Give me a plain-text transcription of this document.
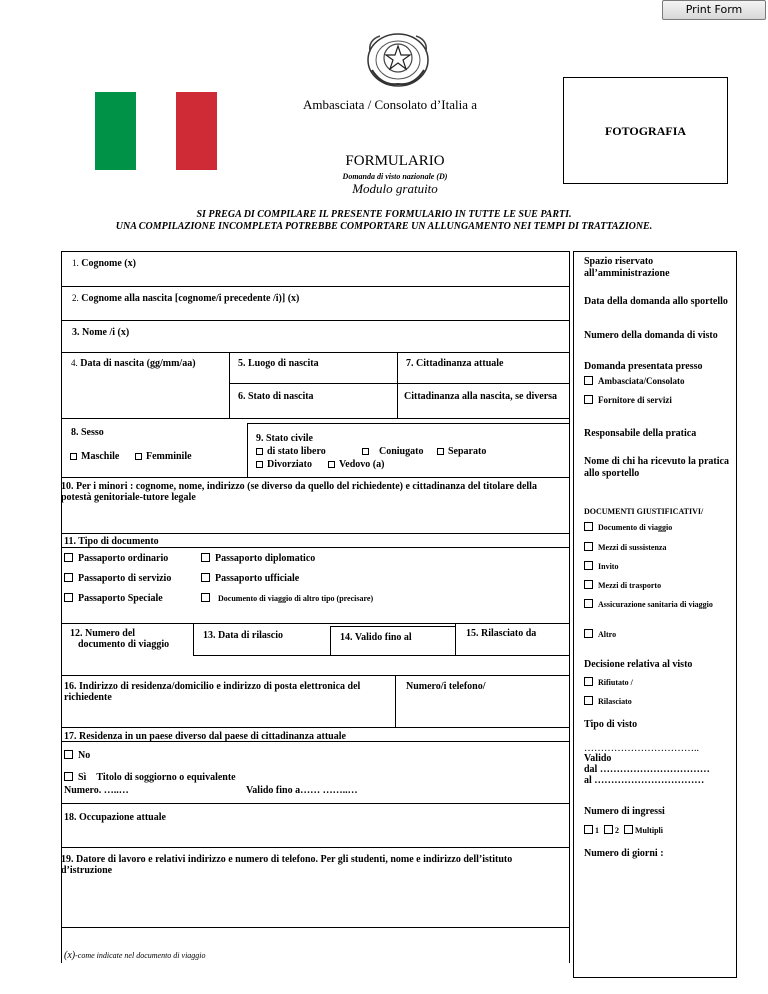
Print Form
Ambasciata / Consolato d’Italia a
FOTOGRAFIA
FORMULARIO
Domanda di visto nazionale (D)
Modulo gratuito
SI PREGA DI COMPILARE IL PRESENTE FORMULARIO IN TUTTE LE SUE PARTI.
UNA COMPILAZIONE INCOMPLETA POTREBBE COMPORTARE UN ALLUNGAMENTO NEI TEMPI DI TRATTAZIONE.
1. Cognome (x)
2. Cognome alla nascita [cognome/i precedente /i)] (x)
3. Nome /i (x)
4. Data di nascita (gg/mm/aa)	5. Luogo di nascita	7. Cittadinanza attuale
6. Stato di nascita	Cittadinanza alla nascita, se diversa
8. Sesso
Maschile	Femminile
9. Stato civile
di stato libero	Coniugato	Separato
Divorziato	Vedovo (a)
10. Per i minori : cognome, nome, indirizzo (se diverso da quello del richiedente) e cittadinanza del titolare della potestà genitoriale-tutore legale
11. Tipo di documento
Passaporto ordinario	Passaporto diplomatico
Passaporto di servizio	Passaporto ufficiale
Passaporto Speciale	Documento di viaggio di altro tipo (precisare)
12. Numero del
documento di viaggio
13. Data di rilascio	14. Valido fino al	15. Rilasciato da
16. Indirizzo di residenza/domicilio e indirizzo di posta elettronica del richiedente
Numero/i telefono/
17. Residenza in un paese diverso dal paese di cittadinanza attuale
No
Sì Titolo di soggiorno o equivalente
Numero. …..…	Valido fino a…… ……..…
18. Occupazione attuale
19. Datore di lavoro e relativi indirizzo e numero di telefono. Per gli studenti, nome e indirizzo dell’istituto d’istruzione
(x)-come indicate nel documento di viaggio
Spazio riservato all’amministrazione
Data della domanda allo sportello
Numero della domanda di visto
Domanda presentata presso
Ambasciata/Consolato
Fornitore di servizi
Responsabile della pratica
Nome di chi ha ricevuto la pratica allo sportello
DOCUMENTI GIUSTIFICATIVI/
Documento di viaggio
Mezzi di sussistenza
Invito
Mezzi di trasporto
Assicurazione sanitaria di viaggio
Altro
Decisione relativa al visto
Rifiutato /
Rilasciato
Tipo di visto
……………………………..
Valido
dal ……………………………
al ……………………………
Numero di ingressi
1 2 Multipli
Numero di giorni :
